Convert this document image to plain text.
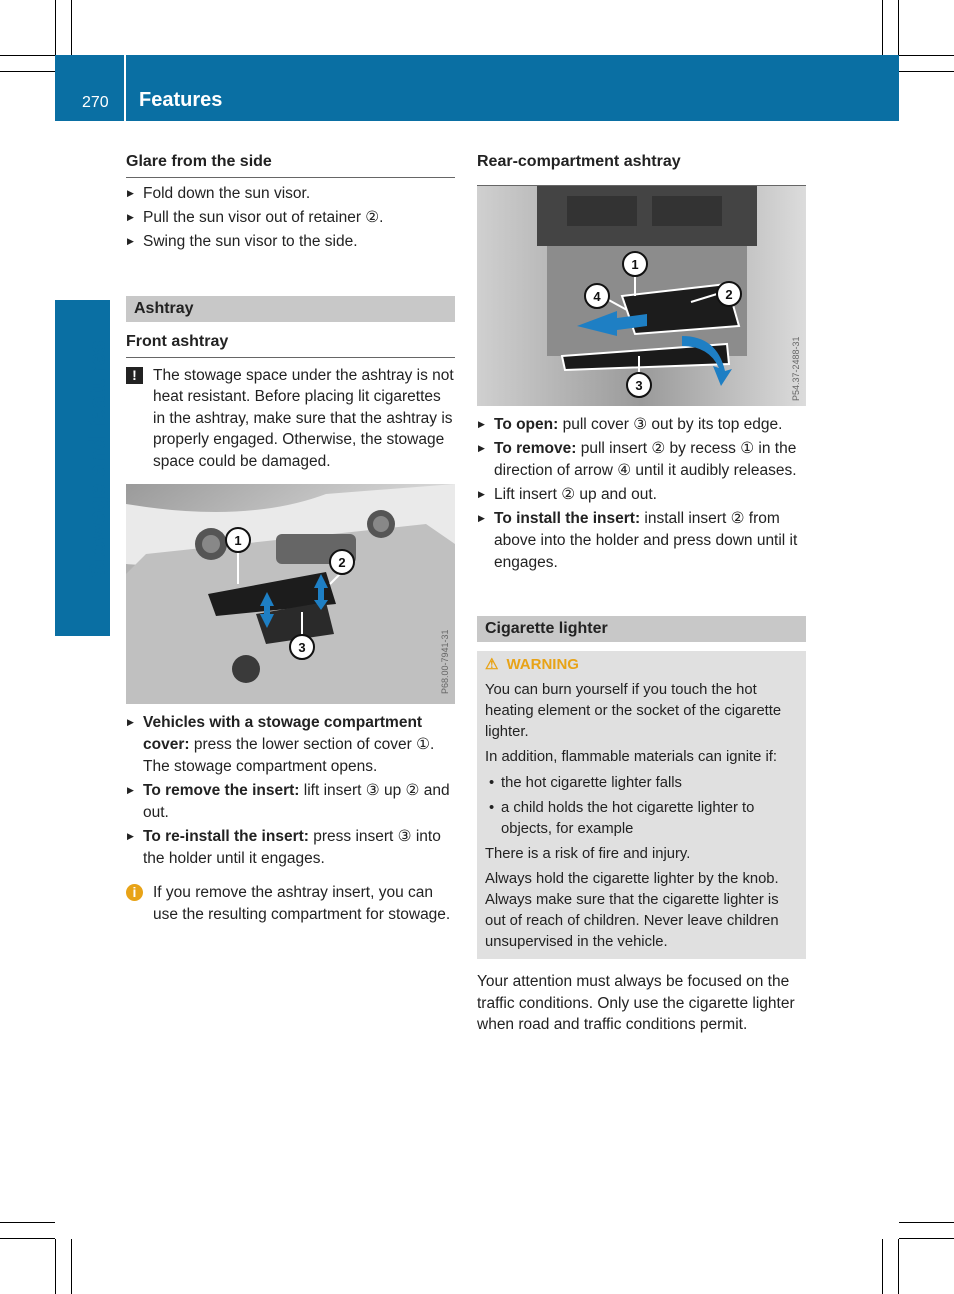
270 Features
Stowage and features
Glare from the side
▶ Fold down the sun visor.
▶ Pull the sun visor out of retainer ②.
▶ Swing the sun visor to the side.
Ashtray
Front ashtray
!	The stowage space under the ashtray is not heat resistant. Before placing lit cigarettes in the ashtray, make sure that the ashtray is properly engaged. Otherwise, the stowage space could be damaged.
1
2
3	P68.00-7941-31
▶ Vehicles with a stowage compartment cover: press the lower section of cover ①. The stowage compartment opens.
▶ To remove the insert: lift insert ③ up ② and out.
▶ To re-install the insert: press insert ③ into the holder until it engages.
i	If you remove the ashtray insert, you can use the resulting compartment for stowage.
Rear-compartment ashtray
1
2
3
4
P54.37-2488-31
▶ To open: pull cover ③ out by its top edge.
▶ To remove: pull insert ② by recess ① in the direction of arrow ④ until it audibly releases.
▶ Lift insert ② up and out.
▶ To install the insert: install insert ② from above into the holder and press down until it engages.
Cigarette lighter
⚠ WARNING
You can burn yourself if you touch the hot heating element or the socket of the cigarette lighter.
In addition, flammable materials can ignite if:
• the hot cigarette lighter falls
• a child holds the hot cigarette lighter to objects, for example
There is a risk of fire and injury.
Always hold the cigarette lighter by the knob. Always make sure that the cigarette lighter is out of reach of children. Never leave children unsupervised in the vehicle.
Your attention must always be focused on the traffic conditions. Only use the cigarette lighter when road and traffic conditions permit.
